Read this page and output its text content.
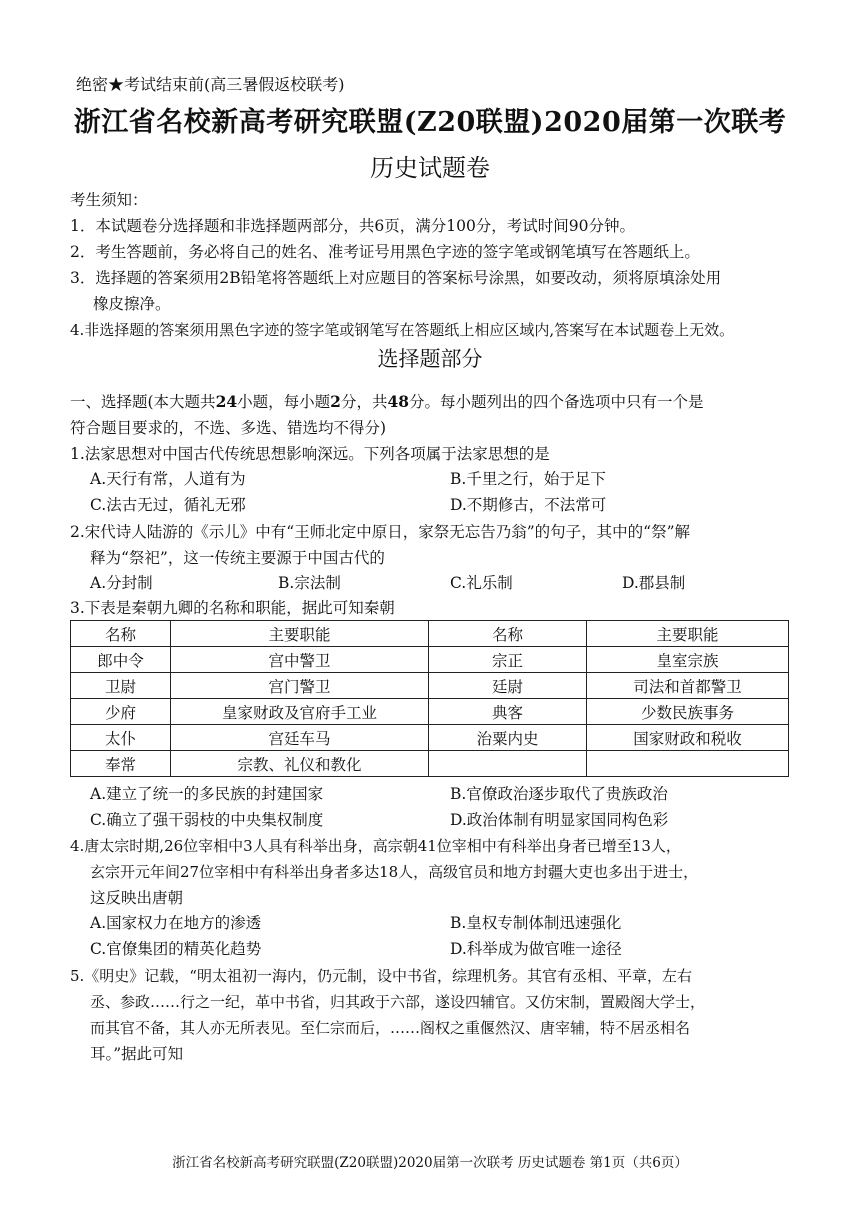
绝密★考试结束前(高三暑假返校联考)
浙江省名校新高考研究联盟(Z20联盟)2020届第一次联考
历史试题卷
考生须知：
1．本试题卷分选择题和非选择题两部分，共6页，满分100分，考试时间90分钟。
2．考生答题前，务必将自己的姓名、准考证号用黑色字迹的签字笔或钢笔填写在答题纸上。
3．选择题的答案须用2B铅笔将答题纸上对应题目的答案标号涂黑，如要改动，须将原填涂处用
橡皮擦净。
4.非选择题的答案须用黑色字迹的签字笔或钢笔写在答题纸上相应区域内,答案写在本试题卷上无效。
选择题部分
一、选择题(本大题共24小题，每小题2分，共48分。每小题列出的四个备选项中只有一个是
符合题目要求的，不选、多选、错选均不得分)
1.法家思想对中国古代传统思想影响深远。下列各项属于法家思想的是
A.天行有常，人道有为	B.千里之行，始于足下
C.法古无过，循礼无邪	D.不期修古，不法常可
2.宋代诗人陆游的《示儿》中有“王师北定中原日，家祭无忘告乃翁”的句子，其中的“祭”解
释为“祭祀”，这一传统主要源于中国古代的
A.分封制	B.宗法制	C.礼乐制	D.郡县制
3.下表是秦朝九卿的名称和职能，据此可知秦朝
名称	主要职能	名称	主要职能
郎中令	宫中警卫	宗正	皇室宗族
卫尉	宫门警卫	廷尉	司法和首都警卫
少府	皇家财政及官府手工业	典客	少数民族事务
太仆	宫廷车马	治粟内史	国家财政和税收
奉常	宗教、礼仪和教化		
A.建立了统一的多民族的封建国家	B.官僚政治逐步取代了贵族政治
C.确立了强干弱枝的中央集权制度	D.政治体制有明显家国同构色彩
4.唐太宗时期,26位宰相中3人具有科举出身，高宗朝41位宰相中有科举出身者已增至13人，
玄宗开元年间27位宰相中有科举出身者多达18人，高级官员和地方封疆大吏也多出于进士，
这反映出唐朝
A.国家权力在地方的渗透	B.皇权专制体制迅速强化
C.官僚集团的精英化趋势	D.科举成为做官唯一途径
5.《明史》记载，“明太祖初一海内，仍元制，设中书省，综理机务。其官有丞相、平章，左右
丞、参政……行之一纪，革中书省，归其政于六部，遂设四辅官。又仿宋制，置殿阁大学士，
而其官不备，其人亦无所表见。至仁宗而后，……阁权之重偃然汉、唐宰辅，特不居丞相名
耳。”据此可知
浙江省名校新高考研究联盟(Z20联盟)2020届第一次联考 历史试题卷 第1页（共6页）
